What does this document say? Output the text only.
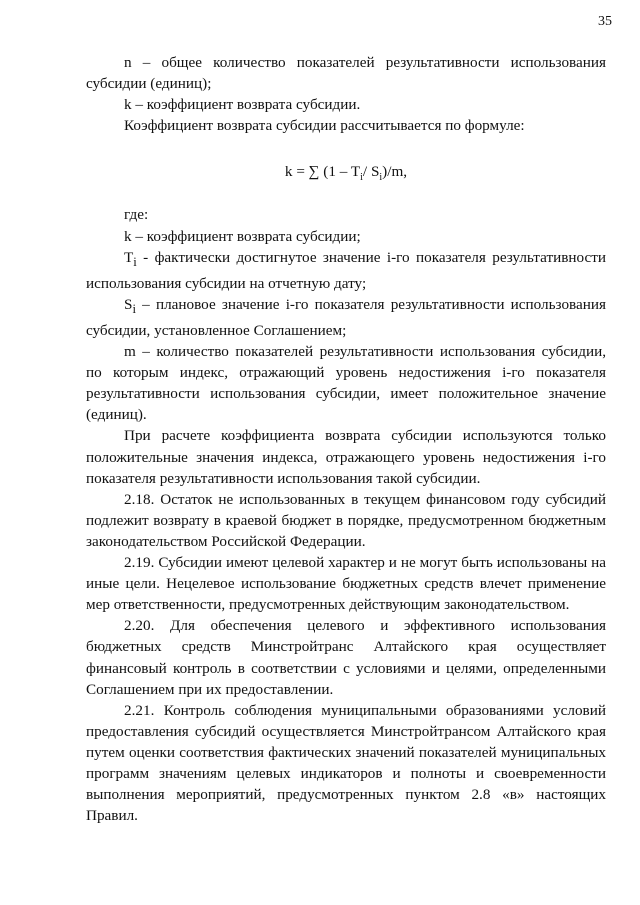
35

n – общее количество показателей результативности использования субсидии (единиц);

k – коэффициент возврата субсидии.

Коэффициент возврата субсидии рассчитывается по формуле:

k = ∑ ($1 - T_i/$ $S_i)/m$,

где:

k – коэффициент возврата субсидии;

$T_i$ - фактически достигнутое значение i-го показателя результативности использования субсидии на отчетную дату;

$S_i$ – плановое значение i-го показателя результативности использования субсидии, установленное Соглашением;

m – количество показателей результативности использования субсидии, по которым индекс, отражающий уровень недостижения i-го показателя результативности использования субсидии, имеет положительное значение (единиц).

При расчете коэффициента возврата субсидии используются только положительные значения индекса, отражающего уровень недостижения i-го показателя результативности использования такой субсидии.

2.18. Остаток не использованных в текущем финансовом году субсидий подлежит возврату в краевой бюджет в порядке, предусмотренном бюджетным законодательством Российской Федерации.

2.19. Субсидии имеют целевой характер и не могут быть использованы на иные цели. Нецелевое использование бюджетных средств влечет применение мер ответственности, предусмотренных действующим законодательством.

2.20. Для обеспечения целевого и эффективного использования бюджетных средств Минстройтранс Алтайского края осуществляет финансовый контроль в соответствии с условиями и целями, определенными Соглашением при их предоставлении.

2.21. Контроль соблюдения муниципальными образованиями условий предоставления субсидий осуществляется Минстройтрансом Алтайского края путем оценки соответствия фактических значений показателей муниципальных программ значениям целевых индикаторов и полноты и своевременности выполнения мероприятий, предусмотренных пунктом 2.8 «в» настоящих Правил.
